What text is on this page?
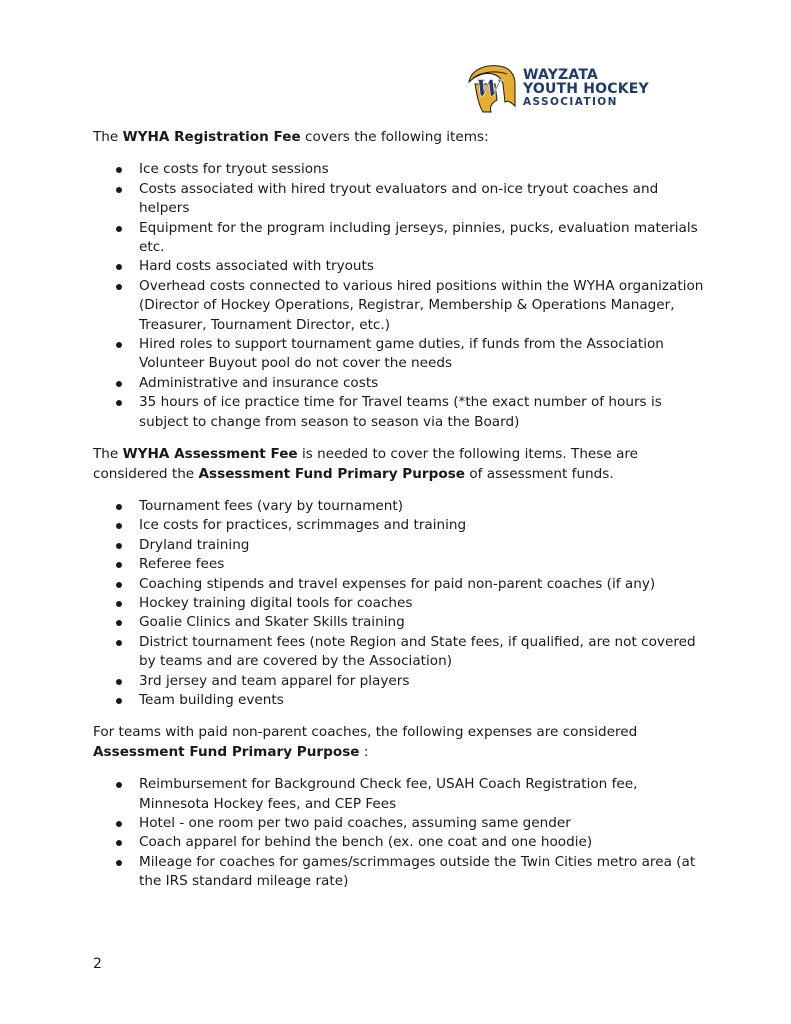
W
WAYZATA
YOUTH HOCKEY
ASSOCIATION

The WYHA Registration Fee covers the following items:

Ice costs for tryout sessions
Costs associated with hired tryout evaluators and on-ice tryout coaches and helpers
Equipment for the program including jerseys, pinnies, pucks, evaluation materials etc.
Hard costs associated with tryouts
Overhead costs connected to various hired positions within the WYHA organization (Director of Hockey Operations, Registrar, Membership & Operations Manager, Treasurer, Tournament Director, etc.)
Hired roles to support tournament game duties, if funds from the Association Volunteer Buyout pool do not cover the needs
Administrative and insurance costs
35 hours of ice practice time for Travel teams (*the exact number of hours is subject to change from season to season via the Board)

The WYHA Assessment Fee is needed to cover the following items. These are considered the Assessment Fund Primary Purpose of assessment funds.

Tournament fees (vary by tournament)
Ice costs for practices, scrimmages and training
Dryland training
Referee fees
Coaching stipends and travel expenses for paid non-parent coaches (if any)
Hockey training digital tools for coaches
Goalie Clinics and Skater Skills training
District tournament fees (note Region and State fees, if qualified, are not covered by teams and are covered by the Association)
3rd jersey and team apparel for players
Team building events

For teams with paid non-parent coaches, the following expenses are considered Assessment Fund Primary Purpose :

Reimbursement for Background Check fee, USAH Coach Registration fee, Minnesota Hockey fees, and CEP Fees
Hotel - one room per two paid coaches, assuming same gender
Coach apparel for behind the bench (ex. one coat and one hoodie)
Mileage for coaches for games/scrimmages outside the Twin Cities metro area (at the IRS standard mileage rate)
2
